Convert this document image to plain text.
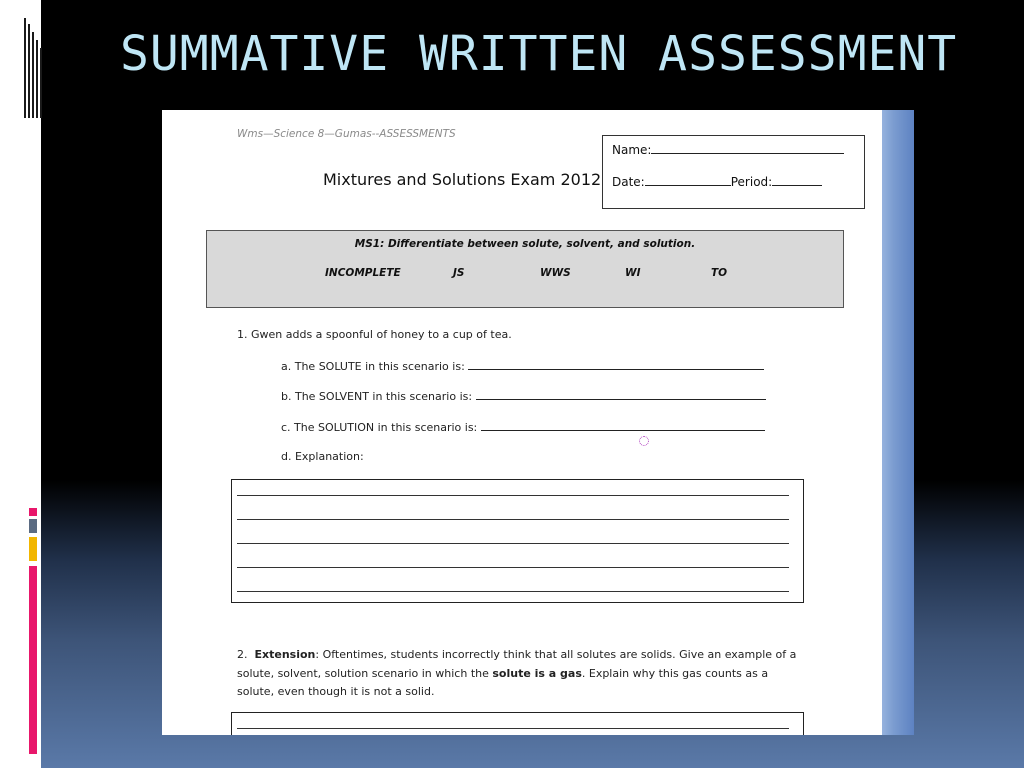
SUMMATIVE WRITTEN ASSESSMENT
Wms—Science 8—Gumas--ASSESSMENTS
Mixtures and Solutions Exam 2012
Name:
Date:	Period:
MS1: Differentiate between solute, solvent, and solution.
INCOMPLETE	JS	WWS	WI	TO
1. Gwen adds a spoonful of honey to a cup of tea.
a. The SOLUTE in this scenario is:
b. The SOLVENT in this scenario is:
c. The SOLUTION in this scenario is:
d. Explanation:
2. Extension: Oftentimes, students incorrectly think that all solutes are solids. Give an example of a solute, solvent, solution scenario in which the solute is a gas. Explain why this gas counts as a solute, even though it is not a solid.
